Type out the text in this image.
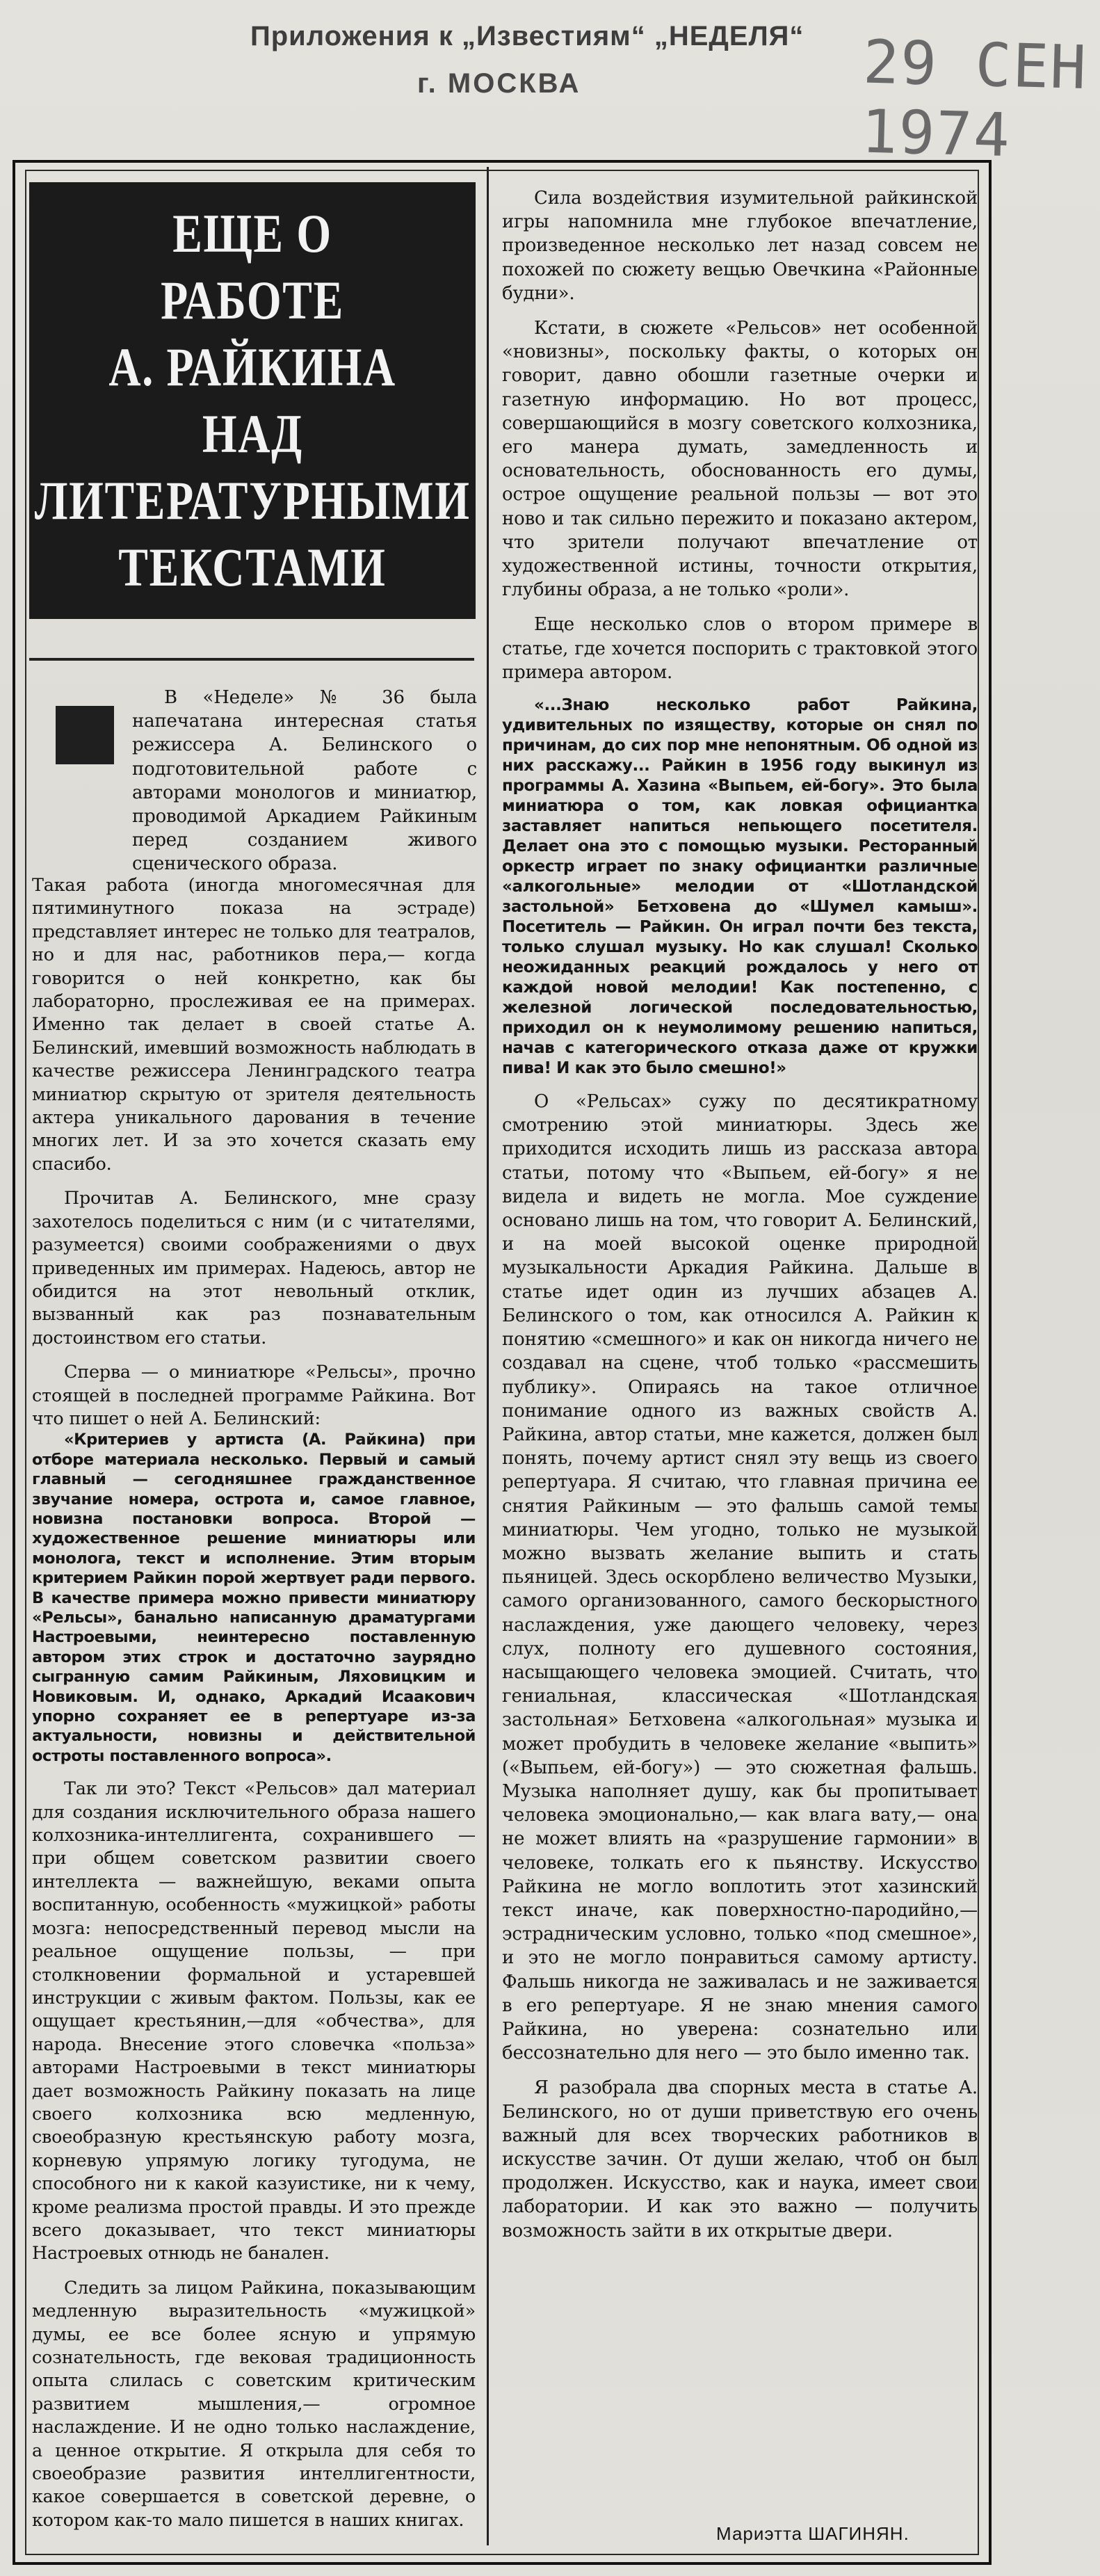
Приложения к „Известиям“ „НЕДЕЛЯ“
г. МОСКВА	29 СЕН 1974
ЕЩЕ О РАБОТЕ
А. РАЙКИНА
НАД
ЛИТЕРАТУРНЫМИ
ТЕКСТАМИ

В «Неделе» № 36 была напечатана интересная статья режиссера А. Белинского о подготовительной работе с авторами монологов и миниатюр, проводимой Аркадием Райкиным перед созданием живого сценического образа.

Такая работа (иногда многомесячная для пятиминутного показа на эстраде) представляет интерес не только для театралов, но и для нас, работников пера,— когда говорится о ней конкретно, как бы лабораторно, прослеживая ее на примерах. Именно так делает в своей статье А. Белинский, имевший возможность наблюдать в качестве режиссера Ленинградского театра миниатюр скрытую от зрителя деятельность актера уникального дарования в течение многих лет. И за это хочется сказать ему спасибо.

Прочитав А. Белинского, мне сразу захотелось поделиться с ним (и с читателями, разумеется) своими соображениями о двух приведенных им примерах. Надеюсь, автор не обидится на этот невольный отклик, вызванный как раз познавательным достоинством его статьи.

Сперва — о миниатюре «Рельсы», прочно стоящей в последней программе Райкина. Вот что пишет о ней А. Белинский:

«Критериев у артиста (А. Райкина) при отборе материала несколько. Первый и самый главный — сегодняшнее гражданственное звучание номера, острота и, самое главное, новизна постановки вопроса. Второй — художественное решение миниатюры или монолога, текст и исполнение. Этим вторым критерием Райкин порой жертвует ради первого. В качестве примера можно привести миниатюру «Рельсы», банально написанную драматургами Настроевыми, неинтересно поставленную автором этих строк и достаточно заурядно сыгранную самим Райкиным, Ляховицким и Новиковым. И, однако, Аркадий Исаакович упорно сохраняет ее в репертуаре из-за актуальности, новизны и действительной остроты поставленного вопроса».

Так ли это? Текст «Рельсов» дал материал для создания исключительного образа нашего колхозника-интеллигента, сохранившего — при общем советском развитии своего интеллекта — важнейшую, веками опыта воспитанную, особенность «мужицкой» работы мозга: непосредственный перевод мысли на реальное ощущение пользы, — при столкновении формальной и устаревшей инструкции с живым фактом. Пользы, как ее ощущает крестьянин,—для «обчества», для народа. Внесение этого словечка «польза» авторами Настроевыми в текст миниатюры дает возможность Райкину показать на лице своего колхозника всю медленную, своеобразную крестьянскую работу мозга, корневую упрямую логику тугодума, не способного ни к какой казуистике, ни к чему, кроме реализма простой правды. И это прежде всего доказывает, что текст миниатюры Настроевых отнюдь не банален.

Следить за лицом Райкина, показывающим медленную выразительность «мужицкой» думы, ее все более ясную и упрямую сознательность, где вековая традиционность опыта слилась с советским критическим развитием мышления,— огромное наслаждение. И не одно только наслаждение, а ценное открытие. Я открыла для себя то своеобразие развития интеллигентности, какое совершается в советской деревне, о котором как-то мало пишется в наших книгах.

Сила воздействия изумительной райкинской игры напомнила мне глубокое впечатление, произведенное несколько лет назад совсем не похожей по сюжету вещью Овечкина «Районные будни».

Кстати, в сюжете «Рельсов» нет особенной «новизны», поскольку факты, о которых он говорит, давно обошли газетные очерки и газетную информацию. Но вот процесс, совершающийся в мозгу советского колхозника, его манера думать, замедленность и основательность, обоснованность его думы, острое ощущение реальной пользы — вот это ново и так сильно пережито и показано актером, что зрители получают впечатление от художественной истины, точности открытия, глубины образа, а не только «роли».

Еще несколько слов о втором примере в статье, где хочется поспорить с трактовкой этого примера автором.

«...Знаю несколько работ Райкина, удивительных по изяществу, которые он снял по причинам, до сих пор мне непонятным. Об одной из них расскажу... Райкин в 1956 году выкинул из программы А. Хазина «Выпьем, ей-богу». Это была миниатюра о том, как ловкая официантка заставляет напиться непьющего посетителя. Делает она это с помощью музыки. Ресторанный оркестр играет по знаку официантки различные «алкогольные» мелодии от «Шотландской застольной» Бетховена до «Шумел камыш». Посетитель — Райкин. Он играл почти без текста, только слушал музыку. Но как слушал! Сколько неожиданных реакций рождалось у него от каждой новой мелодии! Как постепенно, с железной логической последовательностью, приходил он к неумолимому решению напиться, начав с категорического отказа даже от кружки пива! И как это было смешно!»

О «Рельсах» сужу по десятикратному смотрению этой миниатюры. Здесь же приходится исходить лишь из рассказа автора статьи, потому что «Выпьем, ей-богу» я не видела и видеть не могла. Мое суждение основано лишь на том, что говорит А. Белинский, и на моей высокой оценке природной музыкальности Аркадия Райкина. Дальше в статье идет один из лучших абзацев А. Белинского о том, как относился А. Райкин к понятию «смешного» и как он никогда ничего не создавал на сцене, чтоб только «рассмешить публику». Опираясь на такое отличное понимание одного из важных свойств А. Райкина, автор статьи, мне кажется, должен был понять, почему артист снял эту вещь из своего репертуара. Я считаю, что главная причина ее снятия Райкиным — это фальшь самой темы миниатюры. Чем угодно, только не музыкой можно вызвать желание выпить и стать пьяницей. Здесь оскорблено величество Музыки, самого организованного, самого бескорыстного наслаждения, уже дающего человеку, через слух, полноту его душевного состояния, насыщающего человека эмоцией. Считать, что гениальная, классическая «Шотландская застольная» Бетховена «алкогольная» музыка и может пробудить в человеке желание «выпить» («Выпьем, ей-богу») — это сюжетная фальшь. Музыка наполняет душу, как бы пропитывает человека эмоционально,— как влага вату,— она не может влиять на «разрушение гармонии» в человеке, толкать его к пьянству. Искусство Райкина не могло воплотить этот хазинский текст иначе, как поверхностно-пародийно,—эстрадническим условно, только «под смешное», и это не могло понравиться самому артисту. Фальшь никогда не заживалась и не заживается в его репертуаре. Я не знаю мнения самого Райкина, но уверена: сознательно или бессознательно для него — это было именно так.

Я разобрала два спорных места в статье А. Белинского, но от души приветствую его очень важный для всех творческих работников в искусстве зачин. От души желаю, чтоб он был продолжен. Искусство, как и наука, имеет свои лаборатории. И как это важно — получить возможность зайти в их открытые двери.

Мариэтта ШАГИНЯН.
